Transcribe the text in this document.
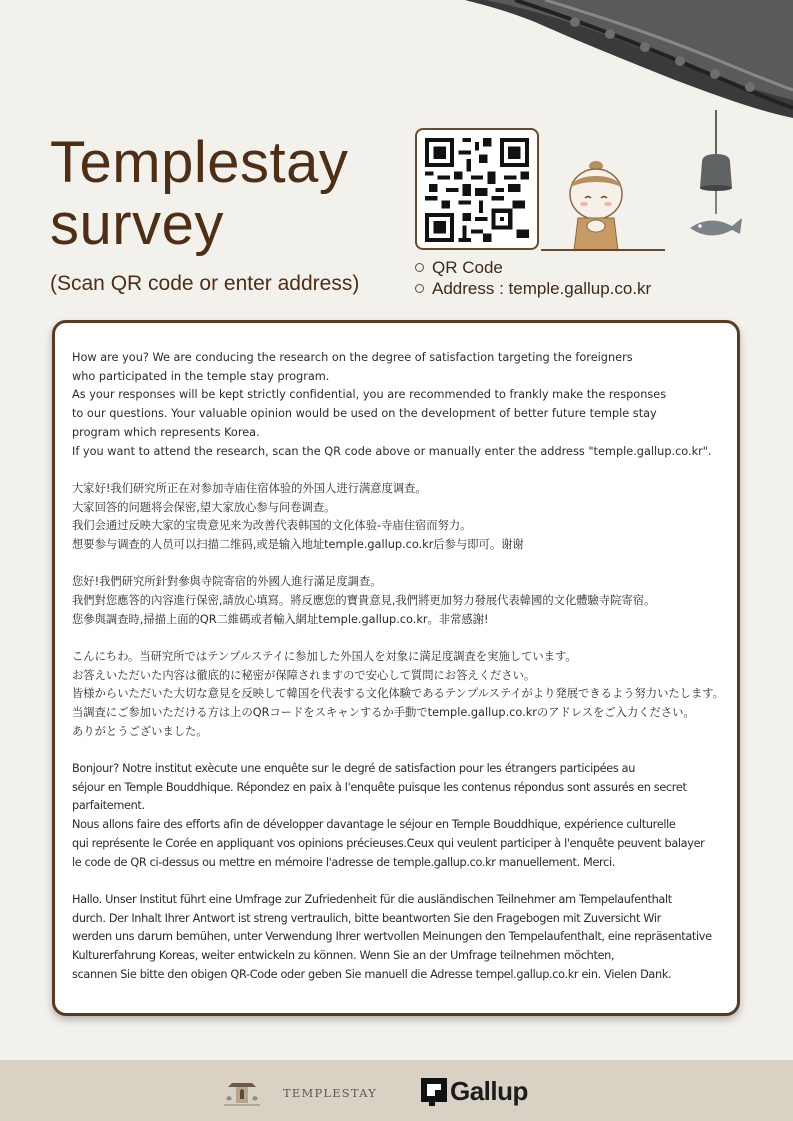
Templestay
survey
(Scan QR code or enter address)
QR Code
Address : temple.gallup.co.kr

How are you? We are conducing the research on the degree of satisfaction targeting the foreigners
who participated in the temple stay program.
As your responses will be kept strictly confidential, you are recommended to frankly make the responses
to our questions. Your valuable opinion would be used on the development of better future temple stay
program which represents Korea.
If you want to attend the research, scan the QR code above or manually enter the address "temple.gallup.co.kr".

大家好!我们研究所正在对参加寺庙住宿体验的外国人进行满意度调查。
大家回答的问题将会保密,望大家放心参与问卷调查。
我们会通过反映大家的宝贵意见来为改善代表韩国的文化体验-寺庙住宿而努力。
想要参与调查的人员可以扫描二维码,或是输入地址temple.gallup.co.kr后参与即可。谢谢

您好!我們研究所針對參與寺院寄宿的外國人進行滿足度調查。
我們對您應答的內容進行保密,請放心填寫。將反應您的寶貴意見,我們將更加努力發展代表韓國的文化體驗寺院寄宿。
您參與調查時,掃描上面的QR二維碼或者輸入網址temple.gallup.co.kr。非常感謝!

こんにちわ。当研究所ではテンプルステイに参加した外国人を対象に満足度調査を実施しています。
お答えいただいた内容は徹底的に秘密が保障されますので安心して質問にお答えください。
皆様からいただいた大切な意見を反映して韓国を代表する文化体験であるテンプルステイがより発展できるよう努力いたします。
当調査にご参加いただける方は上のQRコードをスキャンするか手動でtemple.gallup.co.krのアドレスをご入力ください。
ありがとうございました。

Bonjour? Notre institut exècute une enquête sur le degré de satisfaction pour les étrangers participées au
séjour en Temple Bouddhique. Répondez en paix à l'enquête puisque les contenus répondus sont assurés en secret parfaitement.
Nous allons faire des efforts afin de développer davantage le séjour en Temple Bouddhique, expérience culturelle
qui représente le Corée en appliquant vos opinions précieuses.Ceux qui veulent participer à l'enquête peuvent balayer
le code de QR ci-dessus ou mettre en mémoire l'adresse de temple.gallup.co.kr manuellement. Merci.

Hallo. Unser Institut führt eine Umfrage zur Zufriedenheit für die ausländischen Teilnehmer am Tempelaufenthalt
durch. Der Inhalt Ihrer Antwort ist streng vertraulich, bitte beantworten Sie den Fragebogen mit Zuversicht Wir
werden uns darum bemühen, unter Verwendung Ihrer wertvollen Meinungen den Tempelaufenthalt, eine repräsentative
Kulturerfahrung Koreas, weiter entwickeln zu können. Wenn Sie an der Umfrage teilnehmen möchten,
scannen Sie bitte den obigen QR-Code oder geben Sie manuell die Adresse tempel.gallup.co.kr ein. Vielen Dank.

TEMPLESTAY	Gallup
